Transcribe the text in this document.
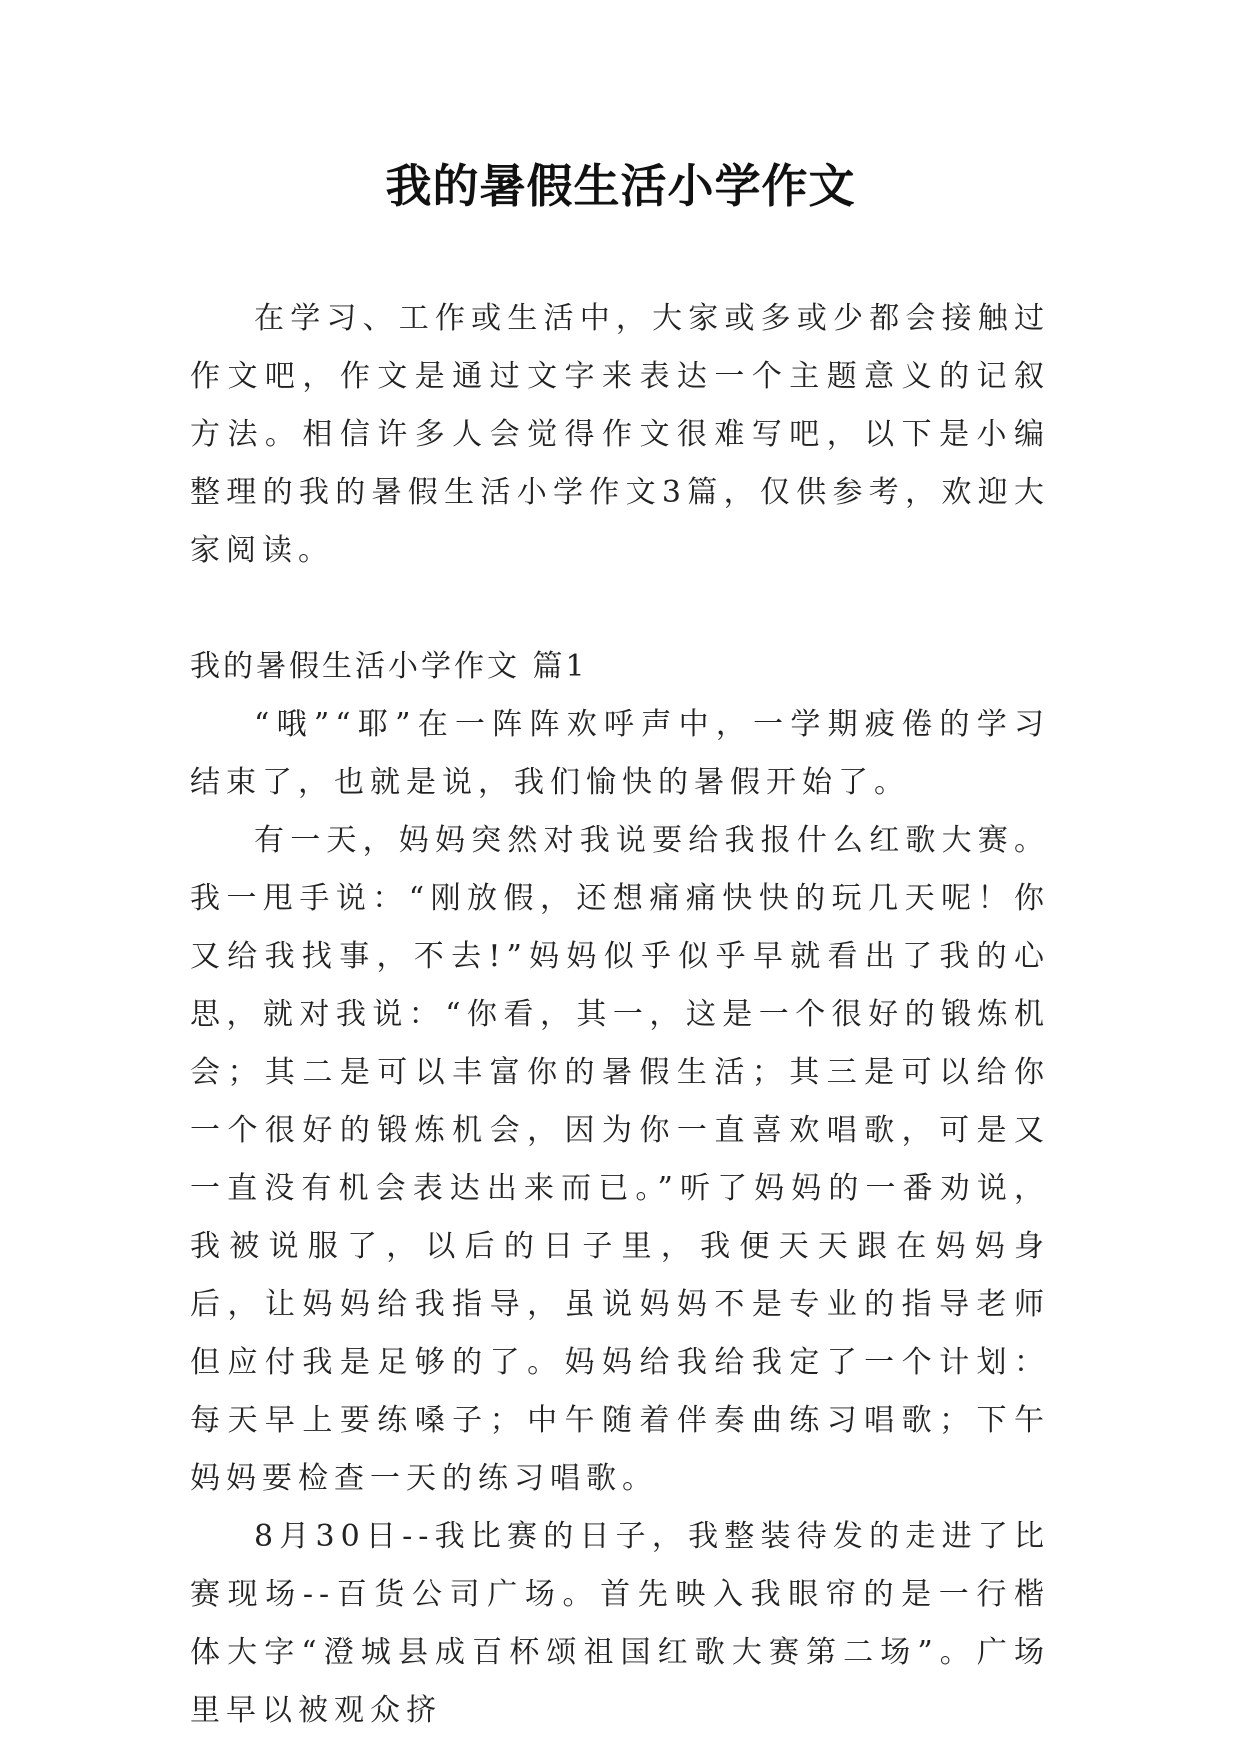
我的暑假生活小学作文

在学习、工作或生活中，大家或多或少都会接触过作文吧，作文是通过文字来表达一个主题意义的记叙方法。相信许多人会觉得作文很难写吧，以下是小编整理的我的暑假生活小学作文3篇，仅供参考，欢迎大家阅读。

我的暑假生活小学作文 篇1

“哦”“耶”在一阵阵欢呼声中，一学期疲倦的学习结束了，也就是说，我们愉快的暑假开始了。

有一天，妈妈突然对我说要给我报什么红歌大赛。我一甩手说：“刚放假，还想痛痛快快的玩几天呢！你又给我找事，不去!”妈妈似乎似乎早就看出了我的心思，就对我说：“你看，其一，这是一个很好的锻炼机会；其二是可以丰富你的暑假生活；其三是可以给你一个很好的锻炼机会，因为你一直喜欢唱歌，可是又一直没有机会表达出来而已。”听了妈妈的一番劝说，我被说服了，以后的日子里，我便天天跟在妈妈身后，让妈妈给我指导，虽说妈妈不是专业的指导老师但应付我是足够的了。妈妈给我给我定了一个计划：每天早上要练嗓子；中午随着伴奏曲练习唱歌；下午妈妈要检查一天的练习唱歌。

8月30日--我比赛的日子，我整装待发的走进了比赛现场--百货公司广场。首先映入我眼帘的是一行楷体大字“澄城县成百杯颂祖国红歌大赛第二场”。广场里早以被观众挤
